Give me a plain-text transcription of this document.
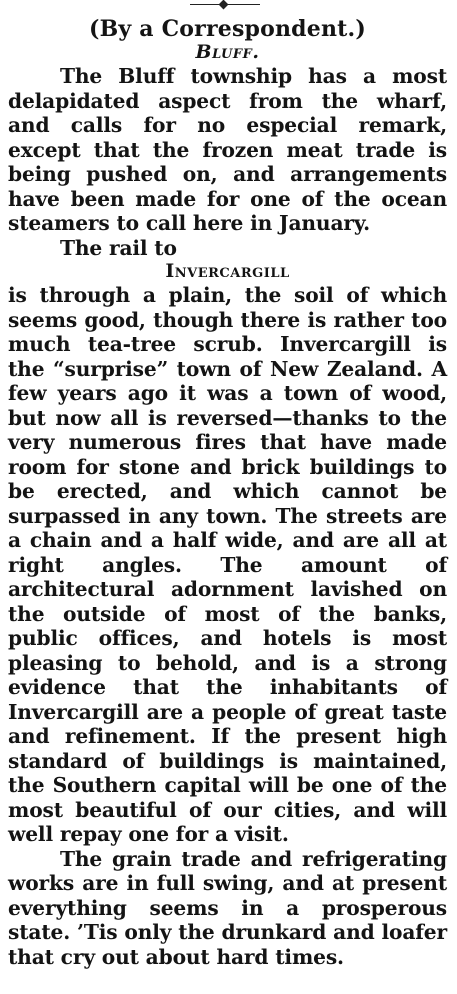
(By a Correspondent.)

Bluff.

The Bluff township has a most delapidated aspect from the wharf, and calls for no especial remark, except that the frozen meat trade is being pushed on, and arrangements have been made for one of the ocean steamers to call here in January.

The rail to

Invercargill

is through a plain, the soil of which seems good, though there is rather too much tea-tree scrub. Invercargill is the “surprise” town of New Zealand. A few years ago it was a town of wood, but now all is reversed—thanks to the very numerous fires that have made room for stone and brick buildings to be erected, and which cannot be surpassed in any town. The streets are a chain and a half wide, and are all at right angles. The amount of architectural adornment lavished on the outside of most of the banks, public offices, and hotels is most pleasing to behold, and is a strong evidence that the inhabitants of Invercargill are a people of great taste and refinement. If the present high standard of buildings is maintained, the Southern capital will be one of the most beautiful of our cities, and will well repay one for a visit.

The grain trade and refrigerating works are in full swing, and at present everything seems in a prosperous state. ’Tis only the drunkard and loafer that cry out about hard times.
